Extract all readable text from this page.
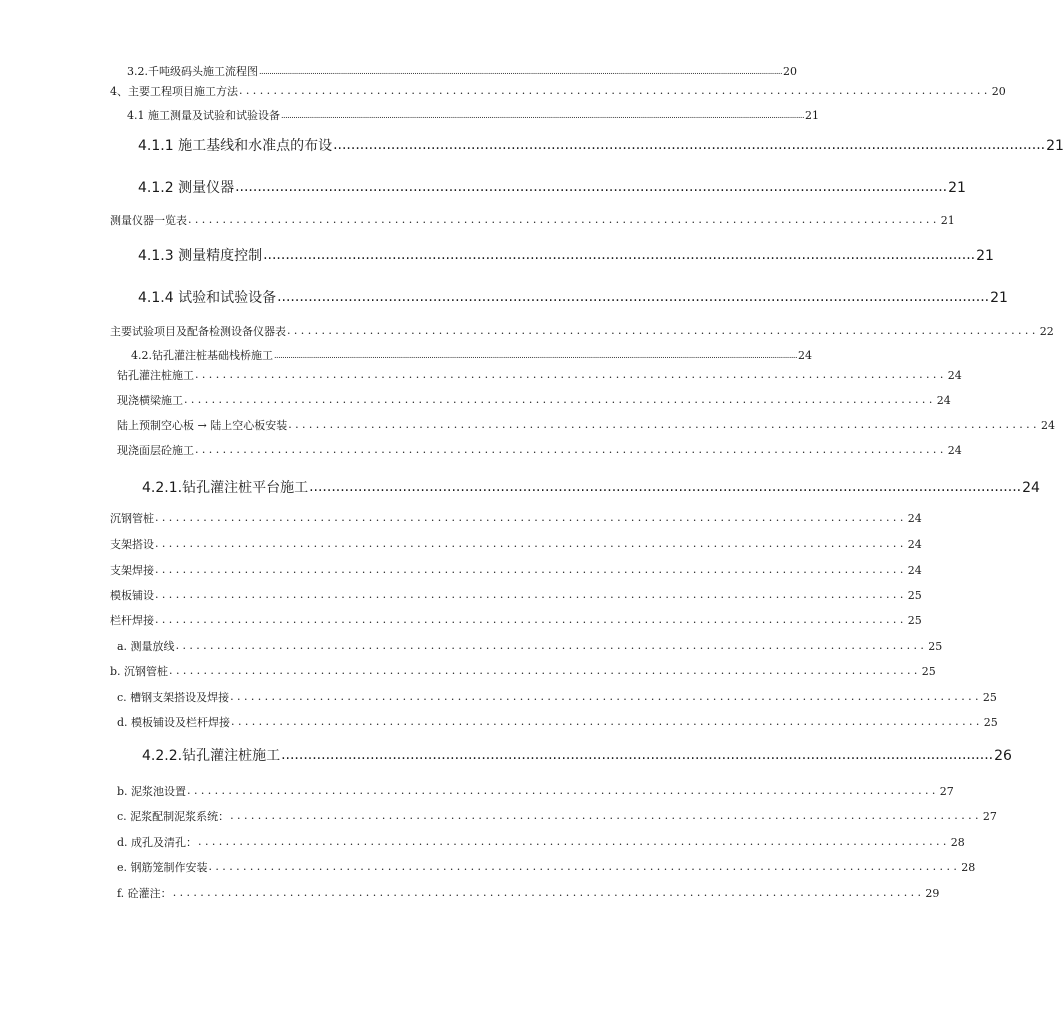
3.2.千吨级码头施工流程图 ................................................................................................................................................................................................................................................................ 20
4、主要工程项目施工方法 ............................................................................................................. 20
4.1 施工测量及试验和试验设备 ................................................................................................................................................................................................................................................................ 21
4.1.1 施工基线和水准点的布设 ................................................................................................................................................................ 21
4.1.2 测量仪器 ................................................................................................................................................................ 21
测量仪器一览表 ............................................................................................................. 21
4.1.3 测量精度控制 ................................................................................................................................................................ 21
4.1.4 试验和试验设备 ................................................................................................................................................................ 21
主要试验项目及配备检测设备仪器表 ............................................................................................................. 22
4.2.钻孔灌注桩基础栈桥施工 ................................................................................................................................................................................................................................................................ 24
钻孔灌注桩施工 ............................................................................................................. 24
现浇横梁施工 ............................................................................................................. 24
陆上预制空心板 → 陆上空心板安装 ............................................................................................................. 24
现浇面层砼施工 ............................................................................................................. 24
4.2.1.钻孔灌注桩平台施工 ................................................................................................................................................................ 24
沉钢管桩 ............................................................................................................. 24
支架搭设 ............................................................................................................. 24
支架焊接 ............................................................................................................. 24
模板铺设 ............................................................................................................. 25
栏杆焊接 ............................................................................................................. 25
a. 测量放线 ............................................................................................................. 25
b. 沉钢管桩 ............................................................................................................. 25
c. 槽钢支架搭设及焊接 ............................................................................................................. 25
d. 模板铺设及栏杆焊接 ............................................................................................................. 25
4.2.2.钻孔灌注桩施工 ................................................................................................................................................................ 26
b. 泥浆池设置 ............................................................................................................. 27
c. 泥浆配制泥浆系统： ............................................................................................................. 27
d. 成孔及清孔： ............................................................................................................. 28
e. 钢筋笼制作安装 ............................................................................................................. 28
f. 砼灌注： ............................................................................................................. 29
